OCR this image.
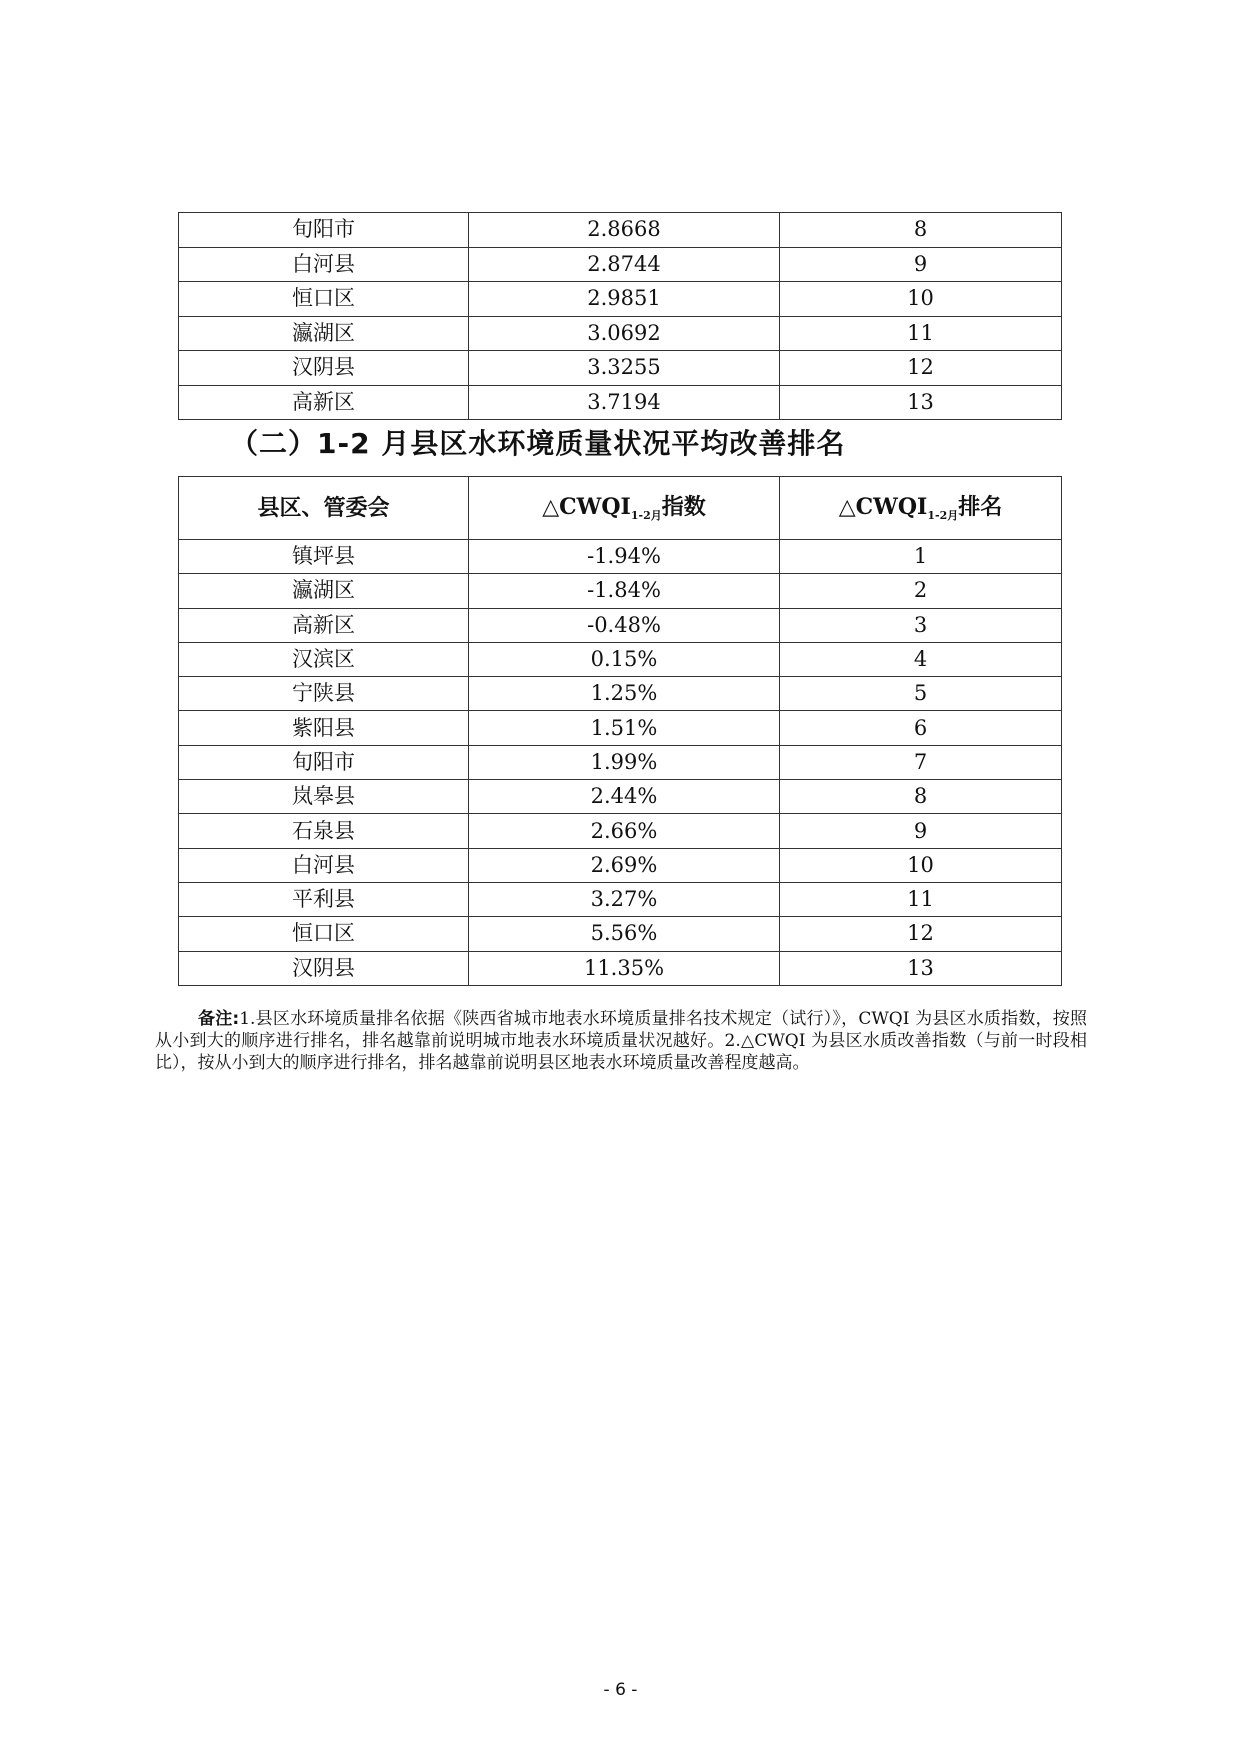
旬阳市	2.8668	8
白河县	2.8744	9
恒口区	2.9851	10
瀛湖区	3.0692	11
汉阴县	3.3255	12
高新区	3.7194	13
（二）1-2 月县区水环境质量状况平均改善排名
县区、管委会	$\triangle CWQI_{1-2月}$指数	$\triangle CWQI_{1-2月}$排名
镇坪县	-1.94%	1
瀛湖区	-1.84%	2
高新区	-0.48%	3
汉滨区	0.15%	4
宁陕县	1.25%	5
紫阳县	1.51%	6
旬阳市	1.99%	7
岚皋县	2.44%	8
石泉县	2.66%	9
白河县	2.69%	10
平利县	3.27%	11
恒口区	5.56%	12
汉阴县	11.35%	13

备注:1.县区水环境质量排名依据《陕西省城市地表水环境质量排名技术规定（试行）》，CWQI 为县区水质指数，按照从小到大的顺序进行排名，排名越靠前说明城市地表水环境质量状况越好。2.△CWQI 为县区水质改善指数（与前一时段相比），按从小到大的顺序进行排名，排名越靠前说明县区地表水环境质量改善程度越高。

- 6 -
